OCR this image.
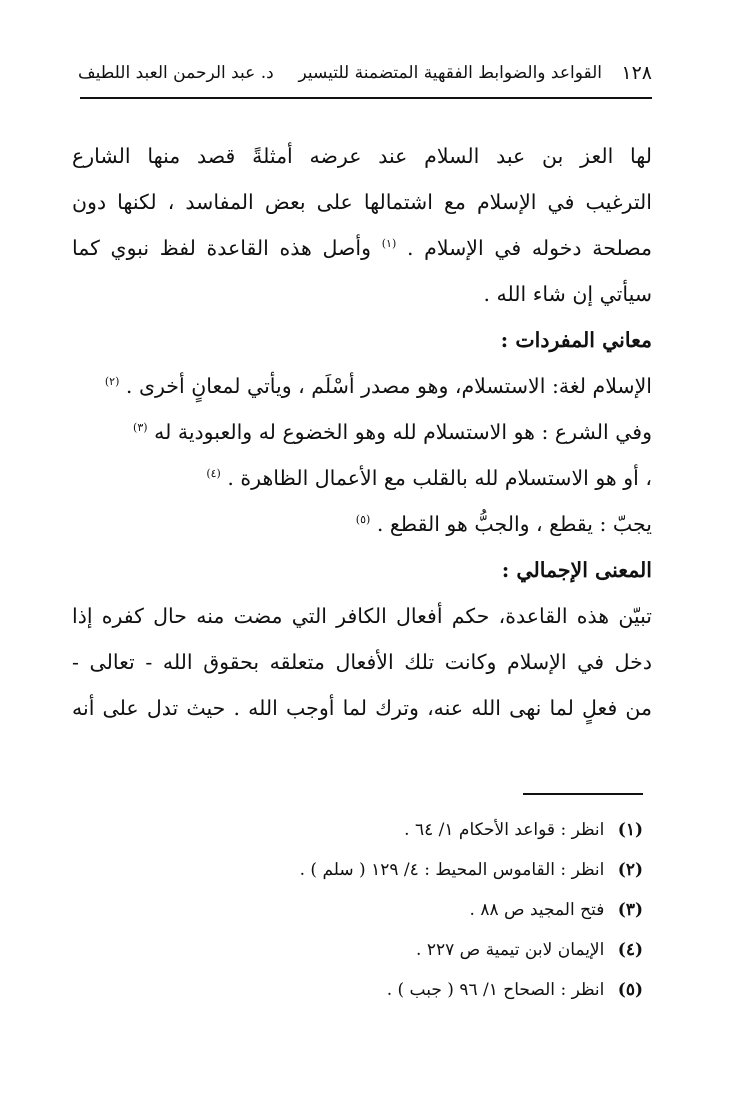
١٢٨
القواعد والضوابط الفقهية المتضمنة للتيسير
د. عبد الرحمن العبد اللطيف
لها العز بن عبد السلام عند عرضه أمثلةً قصد منها الشارع
الترغيب في الإسلام مع اشتمالها على بعض المفاسد ، لكنها دون
مصلحة دخوله في الإسلام . $^{(١)}$ وأصل هذه القاعدة لفظ نبوي كما
سيأتي إن شاء الله .
معاني المفردات :
الإسلام لغة: الاستسلام، وهو مصدر أسْلَم ، ويأتي لمعانٍ أخرى . $^{(٢)}$
وفي الشرع : هو الاستسلام لله وهو الخضوع له والعبودية له $^{(٣)}$
، أو هو الاستسلام لله بالقلب مع الأعمال الظاهرة . $^{(٤)}$
يجبّ : يقطع ، والجبُّ هو القطع . $^{(٥)}$
المعنى الإجمالي :
تبيّن هذه القاعدة، حكم أفعال الكافر التي مضت منه حال كفره إذا
دخل في الإسلام وكانت تلك الأفعال متعلقه بحقوق الله - تعالى -
من فعلٍ لما نهى الله عنه، وترك لما أوجب الله . حيث تدل على أنه
(١) انظر : قواعد الأحكام ١/ ٦٤ .
(٢) انظر : القاموس المحيط : ٤/ ١٢٩ ( سلم ) .
(٣) فتح المجيد ص ٨٨ .
(٤) الإيمان لابن تيمية ص ٢٢٧ .
(٥) انظر : الصحاح ١/ ٩٦ ( جبب ) .
